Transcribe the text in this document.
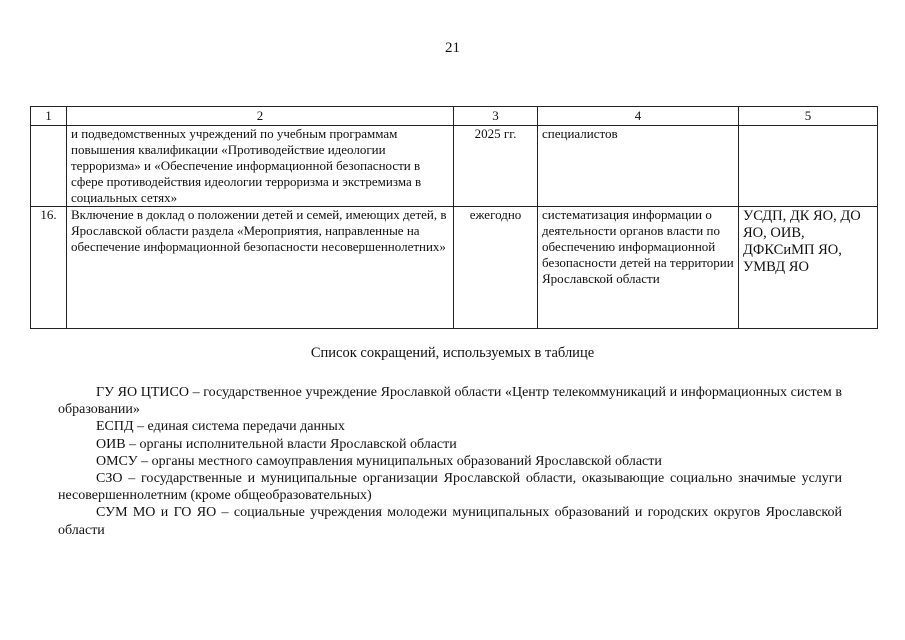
21
1	2	3	4	5
	и подведомственных учреждений по учебным программам повышения квалификации «Противодействие идеологии терроризма» и «Обеспечение информационной безопасности в сфере противодействия идеологии терроризма и экстремизма в социальных сетях»	2025 гг.	специалистов	
16.	Включение в доклад о положении детей и семей, имеющих детей, в Ярославской области раздела «Мероприятия, направленные на обеспечение информационной безопасности несовершеннолетних»	ежегодно	систематизация информации о деятельности органов власти по обеспечению информационной безопасности детей на территории Ярославской области	УСДП, ДК ЯО, ДО ЯО, ОИВ, ДФКСиМП ЯО, УМВД ЯО
Список сокращений, используемых в таблице

ГУ ЯО ЦТИСО – государственное учреждение Ярославкой области «Центр телекоммуникаций и информационных систем в образовании»

ЕСПД – единая система передачи данных

ОИВ – органы исполнительной власти Ярославской области

ОМСУ – органы местного самоуправления муниципальных образований Ярославской области

СЗО – государственные и муниципальные организации Ярославской области, оказывающие социально значимые услуги несовершеннолетним (кроме общеобразовательных)

СУМ МО и ГО ЯО – социальные учреждения молодежи муниципальных образований и городских округов Ярославской области
